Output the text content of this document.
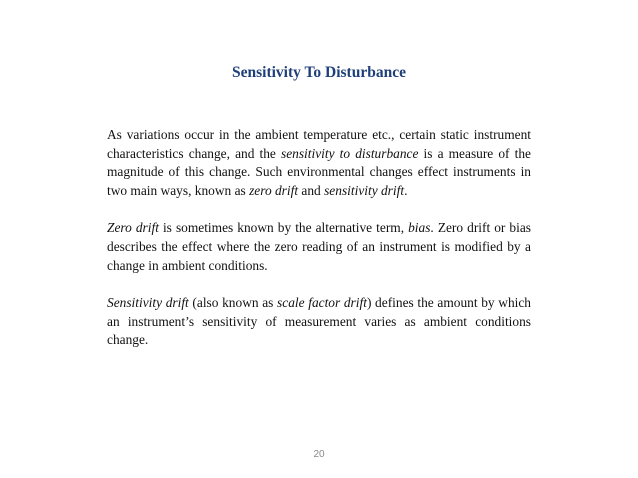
Sensitivity To Disturbance

As variations occur in the ambient temperature etc., certain static instrument characteristics change, and the sensitivity to disturbance is a measure of the magnitude of this change. Such environmental changes effect instruments in two main ways, known as zero drift and sensitivity drift.

Zero drift is sometimes known by the alternative term, bias. Zero drift or bias describes the effect where the zero reading of an instrument is modified by a change in ambient conditions.

Sensitivity drift (also known as scale factor drift) defines the amount by which an instrument’s sensitivity of measurement varies as ambient conditions change.

20
